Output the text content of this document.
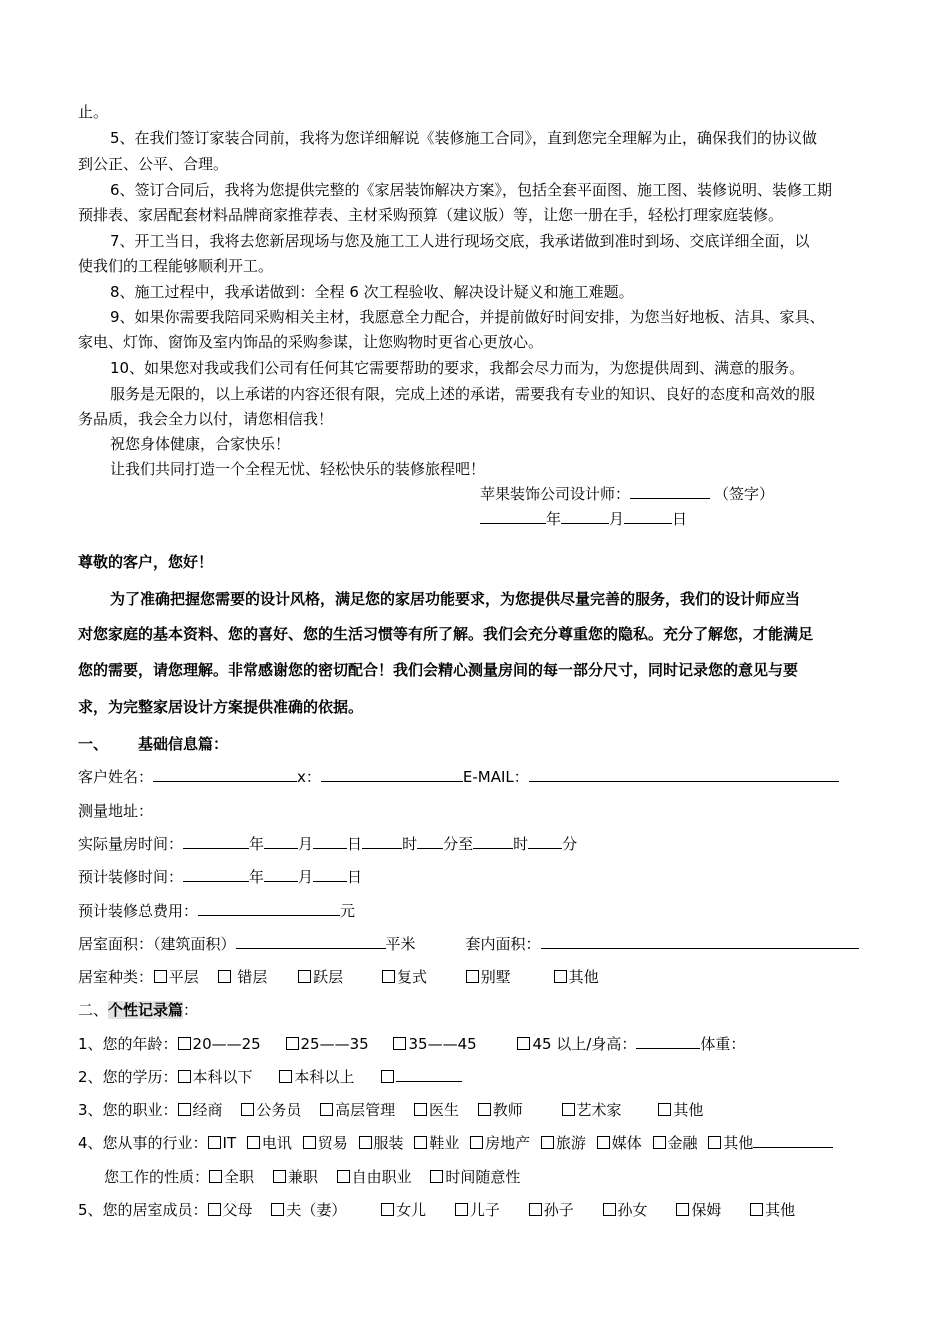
止。
5、在我们签订家装合同前，我将为您详细解说《装修施工合同》，直到您完全理解为止，确保我们的协议做
到公正、公平、合理。
6、签订合同后，我将为您提供完整的《家居装饰解决方案》，包括全套平面图、施工图、装修说明、装修工期
预排表、家居配套材料品牌商家推荐表、主材采购预算（建议版）等，让您一册在手，轻松打理家庭装修。
7、开工当日，我将去您新居现场与您及施工工人进行现场交底，我承诺做到准时到场、交底详细全面，以
使我们的工程能够顺利开工。
8、施工过程中，我承诺做到：全程 6 次工程验收、解决设计疑义和施工难题。
9、如果你需要我陪同采购相关主材，我愿意全力配合，并提前做好时间安排，为您当好地板、洁具、家具、
家电、灯饰、窗饰及室内饰品的采购参谋，让您购物时更省心更放心。
10、如果您对我或我们公司有任何其它需要帮助的要求，我都会尽力而为，为您提供周到、满意的服务。
服务是无限的，以上承诺的内容还很有限，完成上述的承诺，需要我有专业的知识、良好的态度和高效的服
务品质，我会全力以付，请您相信我！
祝您身体健康，合家快乐！
让我们共同打造一个全程无忧、轻松快乐的装修旅程吧！
苹果装饰公司设计师：	（签字）
年	月	日
尊敬的客户，您好！
为了准确把握您需要的设计风格，满足您的家居功能要求，为您提供尽量完善的服务，我们的设计师应当
对您家庭的基本资料、您的喜好、您的生活习惯等有所了解。我们会充分尊重您的隐私。充分了解您，才能满足
您的需要，请您理解。非常感谢您的密切配合！我们会精心测量房间的每一部分尺寸，同时记录您的意见与要
求，为完整家居设计方案提供准确的依据。
一、 基础信息篇：
客户姓名：	x：	E-MAIL：
测量地址：
实际量房时间：	年 月 日	时 分至	时 分
预计装修时间：	年 月 日
预计装修总费用：	元
居室面积：（建筑面积）	平米	套内面积：
居室种类： 平层	错层	跃层	复式	别墅	其他
二、个性记录篇：
1、您的年龄： 20——25	25——35	35——45	45 以上/身高：	体重：
2、您的学历： 本科以下	本科以上
3、您的职业： 经商 公务员 高层管理 医生 教师	艺术家	其他
4、您从事的行业： IT 电讯 贸易 服装 鞋业 房地产 旅游 媒体 金融 其他
您工作的性质： 全职 兼职 自由职业 时间随意性
5、您的居室成员： 父母 夫（妻）	女儿	儿子	孙子	孙女	保姆	其他
